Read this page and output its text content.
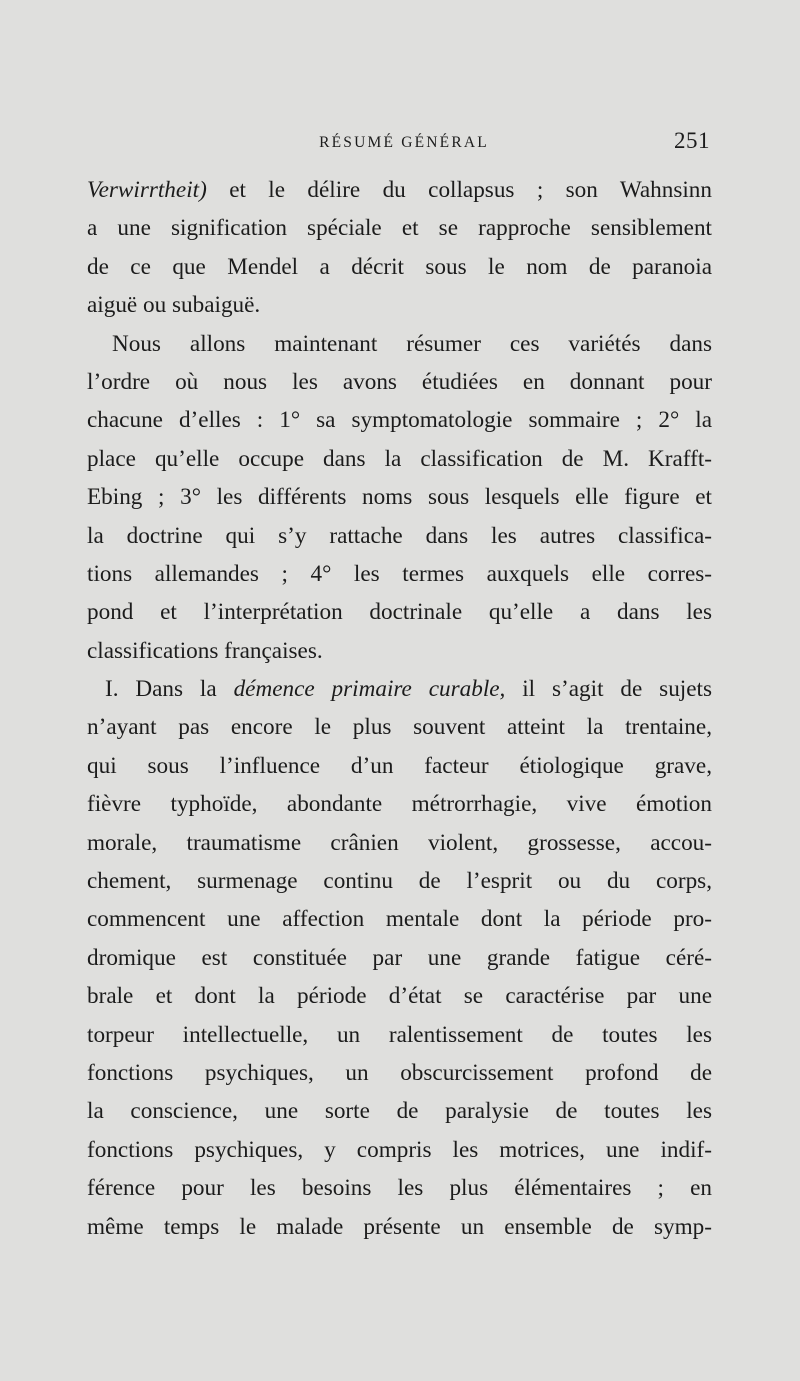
RÉSUMÉ GÉNÉRAL	251
Verwirrtheit) et le délire du collapsus ; son Wahnsinn
a une signification spéciale et se rapproche sensiblement
de ce que Mendel a décrit sous le nom de paranoia
aiguë ou subaiguë.
Nous allons maintenant résumer ces variétés dans
l’ordre où nous les avons étudiées en donnant pour
chacune d’elles : 1° sa symptomatologie sommaire ; 2° la
place qu’elle occupe dans la classification de M. Krafft-
Ebing ; 3° les différents noms sous lesquels elle figure et
la doctrine qui s’y rattache dans les autres classifica-
tions allemandes ; 4° les termes auxquels elle corres-
pond et l’interprétation doctrinale qu’elle a dans les
classifications françaises.
I. Dans la démence primaire curable, il s’agit de sujets
n’ayant pas encore le plus souvent atteint la trentaine,
qui sous l’influence d’un facteur étiologique grave,
fièvre typhoïde, abondante métrorrhagie, vive émotion
morale, traumatisme crânien violent, grossesse, accou-
chement, surmenage continu de l’esprit ou du corps,
commencent une affection mentale dont la période pro-
dromique est constituée par une grande fatigue céré-
brale et dont la période d’état se caractérise par une
torpeur intellectuelle, un ralentissement de toutes les
fonctions psychiques, un obscurcissement profond de
la conscience, une sorte de paralysie de toutes les
fonctions psychiques, y compris les motrices, une indif-
férence pour les besoins les plus élémentaires ; en
même temps le malade présente un ensemble de symp-
